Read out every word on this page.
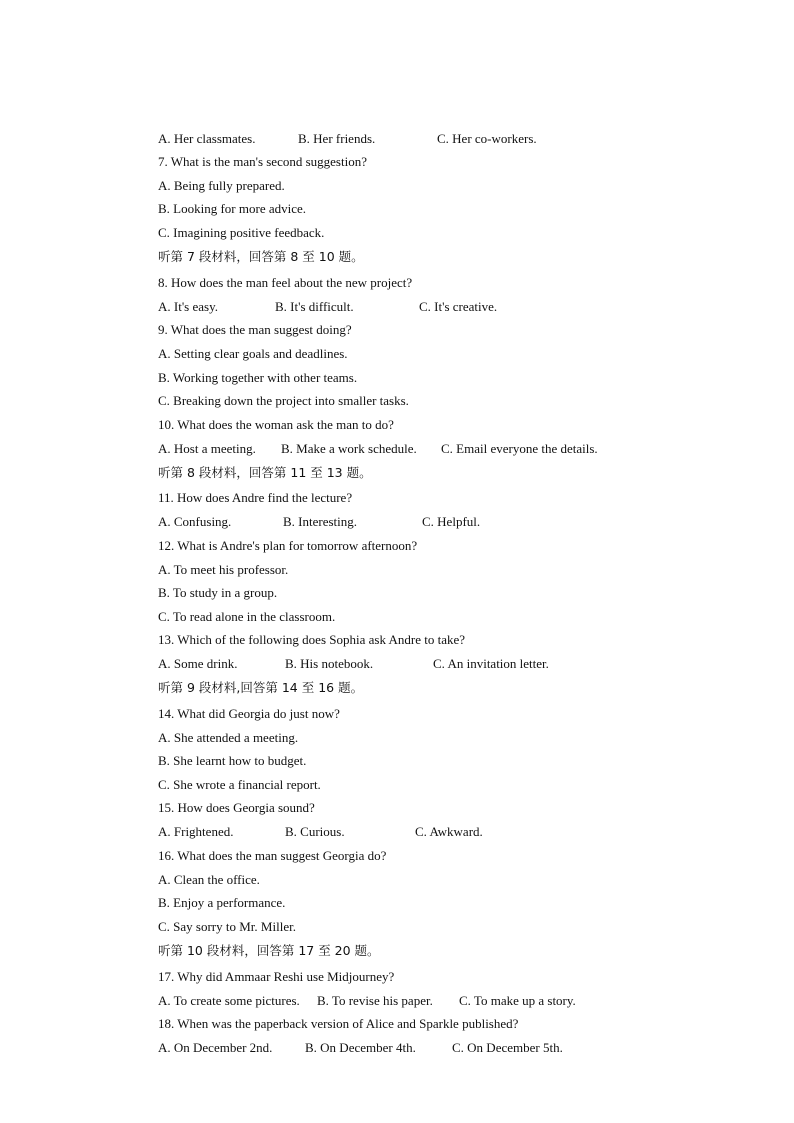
A. Her classmates.	B. Her friends.	C. Her co-workers.
7. What is the man's second suggestion?
A. Being fully prepared.
B. Looking for more advice.
C. Imagining positive feedback.
听第 7 段材料，回答第 8 至 10 题。
8. How does the man feel about the new project?
A. It's easy.	B. It's difficult.	C. It's creative.
9. What does the man suggest doing?
A. Setting clear goals and deadlines.
B. Working together with other teams.
C. Breaking down the project into smaller tasks.
10. What does the woman ask the man to do?
A. Host a meeting. B. Make a work schedule. C. Email everyone the details.
听第 8 段材料，回答第 11 至 13 题。
11. How does Andre find the lecture?
A. Confusing.	B. Interesting.	C. Helpful.
12. What is Andre's plan for tomorrow afternoon?
A. To meet his professor.
B. To study in a group.
C. To read alone in the classroom.
13. Which of the following does Sophia ask Andre to take?
A. Some drink.	B. His notebook.	C. An invitation letter.
听第 9 段材料,回答第 14 至 16 题。
14. What did Georgia do just now?
A. She attended a meeting.
B. She learnt how to budget.
C. She wrote a financial report.
15. How does Georgia sound?
A. Frightened.	B. Curious.	C. Awkward.
16. What does the man suggest Georgia do?
A. Clean the office.
B. Enjoy a performance.
C. Say sorry to Mr. Miller.
听第 10 段材料，回答第 17 至 20 题。
17. Why did Ammaar Reshi use Midjourney?
A. To create some pictures. B. To revise his paper. C. To make up a story.
18. When was the paperback version of Alice and Sparkle published?
A. On December 2nd.	B. On December 4th.	C. On December 5th.
